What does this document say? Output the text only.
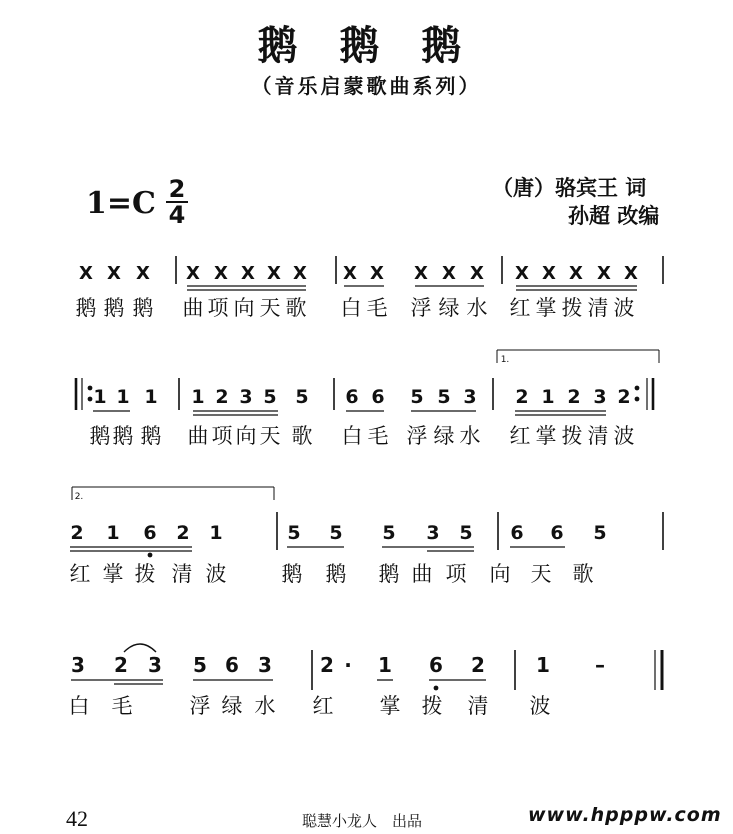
鹅 鹅 鹅
（音乐启蒙歌曲系列）
1=C 2
4
（唐）骆宾王 词
孙超 改编
X X X X X X X X X X X X X X X X X X
鹅 鹅 鹅 曲 项 向 天 歌 白 毛 浮 绿 水 红 掌 拨 清 波
1 1 1 1 2 3 5 5 6 6 5 5 3 2 1 2 3 2
1.
鹅 鹅 鹅 曲 项 向 天 歌 白 毛 浮 绿 水 红 掌 拨 清 波
2.
2 1 6 2 1	5 5 5 3 5 6 6 5
红 掌 拨 清 波	鹅 鹅 鹅 曲 项 向 天 歌
3 2 3 5 6 3 2 · 1 6 2	1 –
白 毛	浮 绿 水 红 掌 拨 清 波
42	聪慧小龙人　出品	www.hpppw.com
